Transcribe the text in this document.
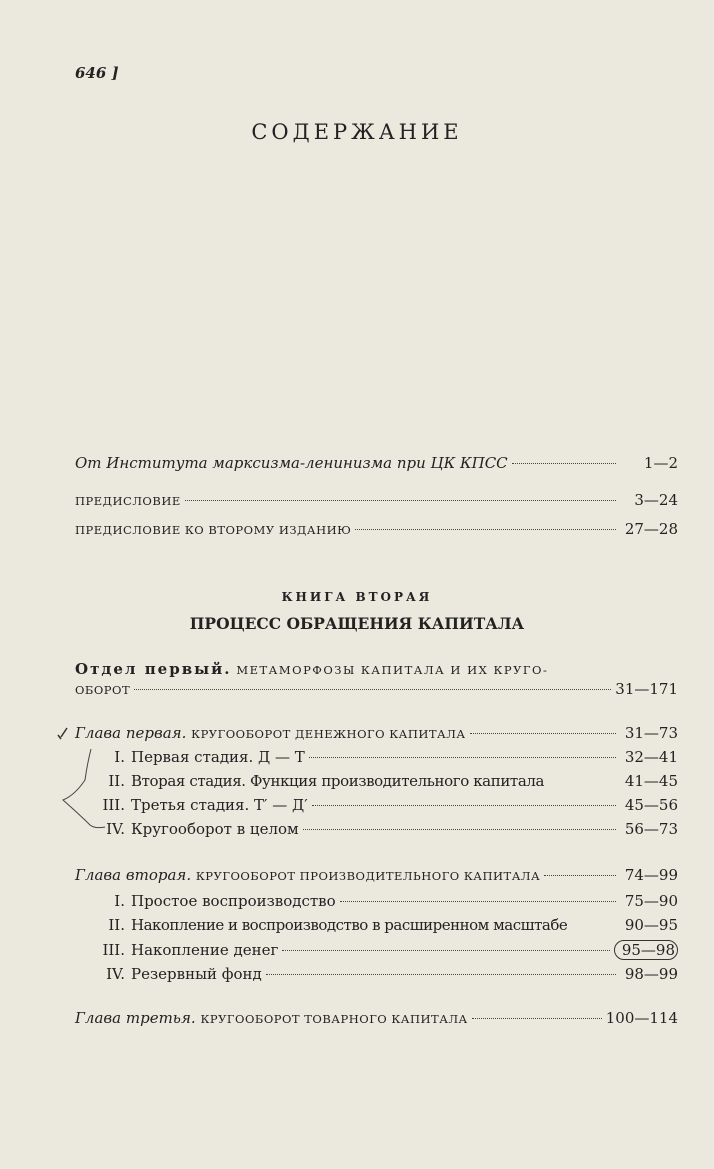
646 ]
СОДЕРЖАНИЕ
От Института марксизма-ленинизма при ЦК КПСС	1—2
ПРЕДИСЛОВИЕ	3—24
ПРЕДИСЛОВИЕ КО ВТОРОМУ ИЗДАНИЮ	27—28
КНИГА ВТОРАЯ
ПРОЦЕСС ОБРАЩЕНИЯ КАПИТАЛА
Отдел первый.
МЕТАМОРФОЗЫ КАПИТАЛА И ИХ КРУГО-
ОБОРОТ	31—171
Глава первая.
КРУГООБОРОТ ДЕНЕЖНОГО КАПИТАЛА	31—73
I. Первая стадия. Д — Т	32—41
II. Вторая стадия. Функция производительного капитала	41—45
III. Третья стадия. Т′ — Д′	45—56
IV. Кругооборот в целом	56—73
Глава вторая.
КРУГООБОРОТ ПРОИЗВОДИТЕЛЬНОГО КАПИТАЛА	74—99
I. Простое воспроизводство	75—90
II. Накопление и воспроизводство в расширенном масштабе	90—95
III. Накопление денег	95—98
IV. Резервный фонд	98—99
Глава третья.
КРУГООБОРОТ ТОВАРНОГО КАПИТАЛА	100—114
